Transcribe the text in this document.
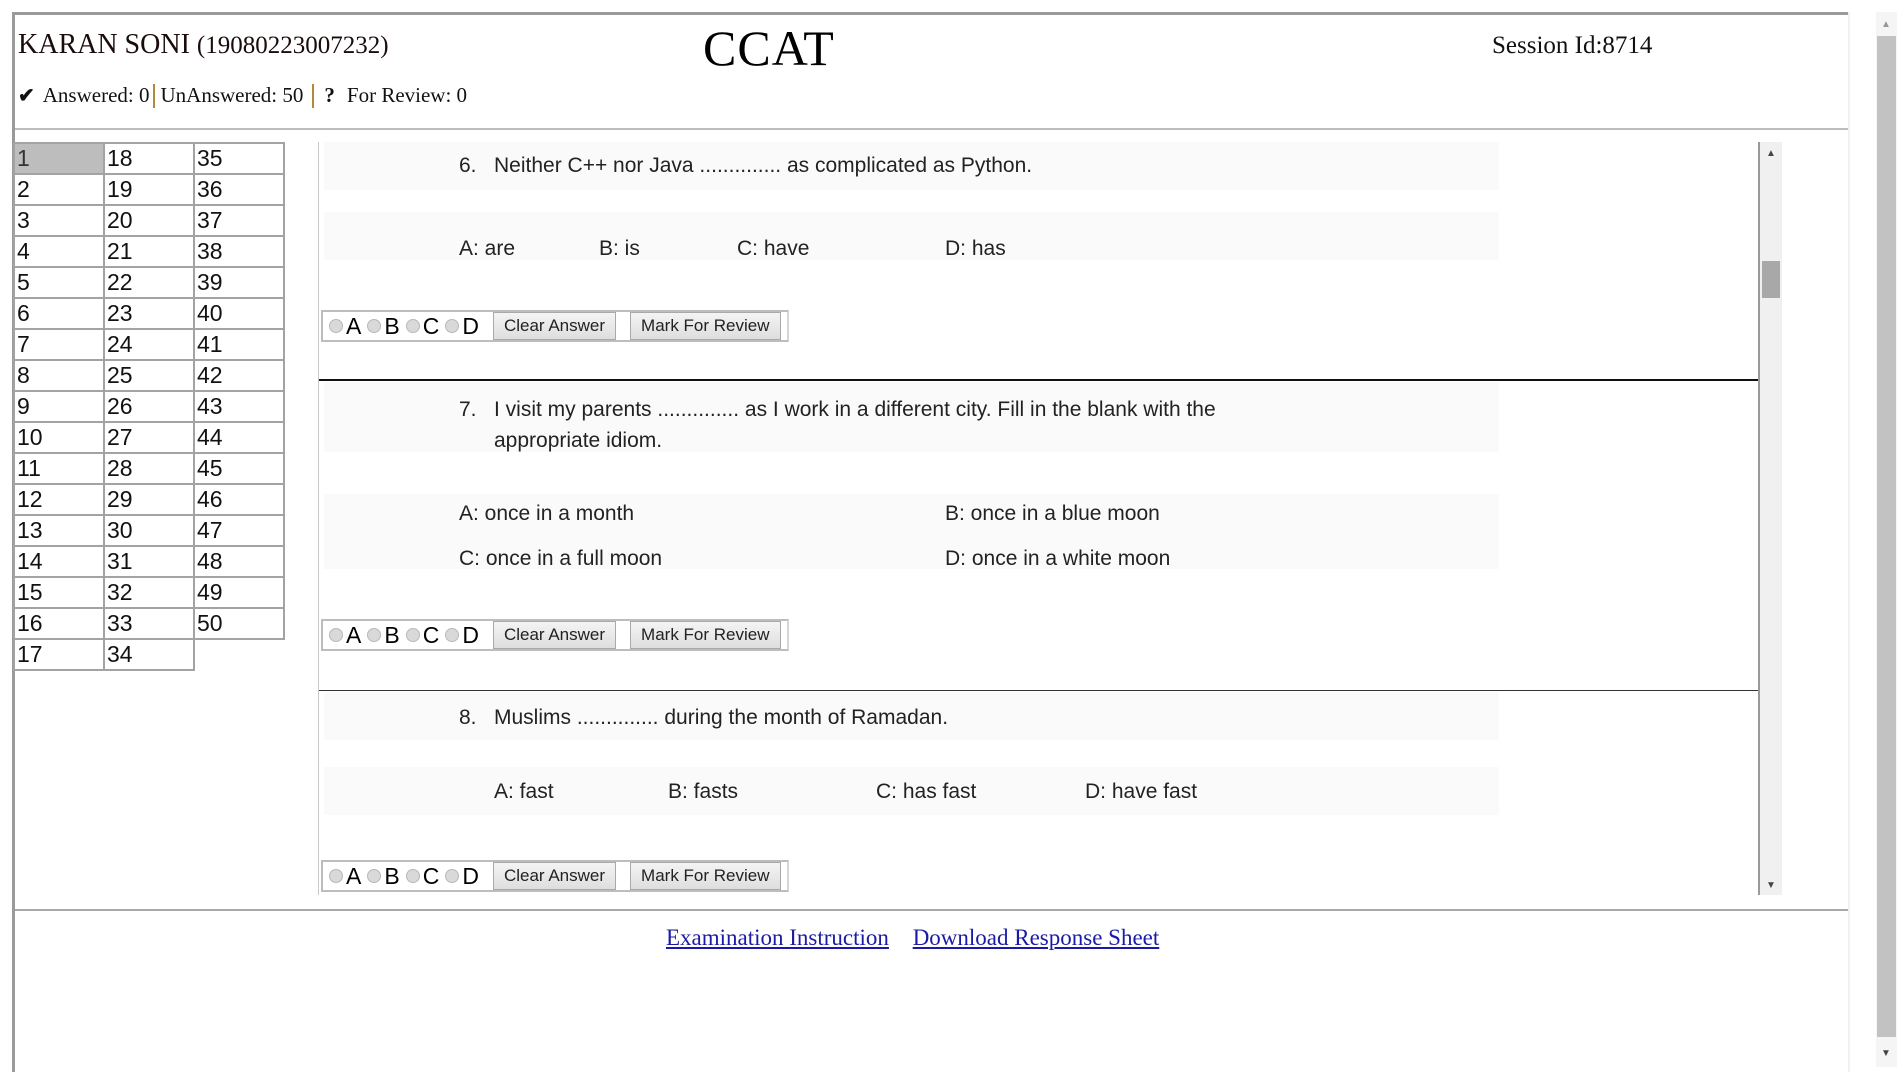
KARAN SONI (19080223007232)	CCAT	Session Id:8714
✔ Answered: 0 UnAnswered: 50 ? For Review: 0
1	18	35
2	19	36
3	20	37
4	21	38
5	22	39
6	23	40
7	24	41
8	25	42
9	26	43
10	27	44
11	28	45
12	29	46
13	30	47
14	31	48
15	32	49
16	33	50
17	34	
6. Neither C++ nor Java .............. as complicated as Python.
A: are	B: is	C: have	D: has
A B C D	Clear Answer	Mark For Review
7. I visit my parents .............. as I work in a different city. Fill in the blank with the
appropriate idiom.
A: once in a month	B: once in a blue moon
C: once in a full moon	D: once in a white moon
A B C D	Clear Answer	Mark For Review
8. Muslims .............. during the month of Ramadan.
A: fast	B: fasts	C: has fast	D: have fast
A B C D	Clear Answer	Mark For Review
▲
▼
Examination Instruction Download Response Sheet
▲
▼
